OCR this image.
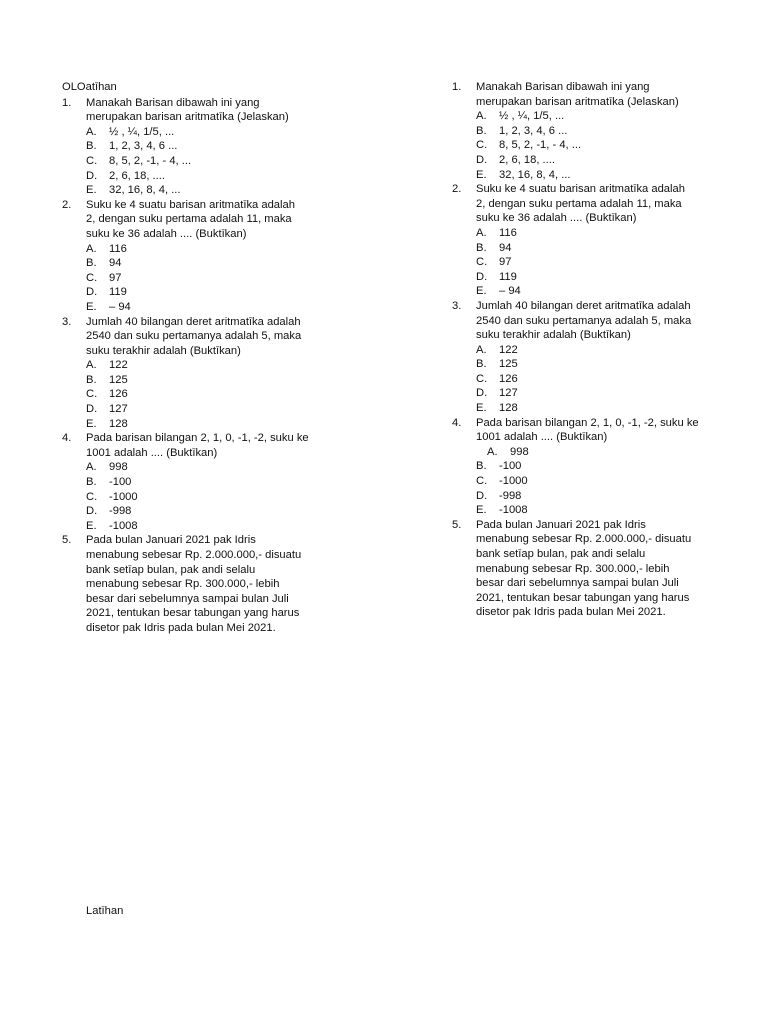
OLOatīhan
1.	Manakah Barisan dibawah ini yang
merupakan barisan aritmatīka (Jelaskan)
A.	½ , ¼, 1/5, ...
B.	1, 2, 3, 4, 6 ...
C.	8, 5, 2, -1, - 4, ...
D.	2, 6, 18, ....
E.	32, 16, 8, 4, ...
2.	Suku ke 4 suatu barisan aritmatīka adalah
2, dengan suku pertama adalah 11, maka
suku ke 36 adalah .... (Buktīkan)
A.	116
B.	94
C.	97
D.	119
E.	– 94
3.	Jumlah 40 bilangan deret aritmatīka adalah
2540 dan suku pertamanya adalah 5, maka
suku terakhir adalah (Buktīkan)
A.	122
B.	125
C.	126
D.	127
E.	128
4.	Pada barisan bilangan 2, 1, 0, -1, -2, suku ke
1001 adalah .... (Buktīkan)
A.	998
B.	-100
C.	-1000
D.	-998
E.	-1008
5.	Pada bulan Januari 2021 pak Idris
menabung sebesar Rp. 2.000.000,- disuatu
bank setīap bulan, pak andi selalu
menabung sebesar Rp. 300.000,- lebih
besar dari sebelumnya sampai bulan Juli
2021, tentukan besar tabungan yang harus
disetor pak Idris pada bulan Mei 2021.
1.	Manakah Barisan dibawah ini yang
merupakan barisan aritmatīka (Jelaskan)
A.	½ , ¼, 1/5, ...
B.	1, 2, 3, 4, 6 ...
C.	8, 5, 2, -1, - 4, ...
D.	2, 6, 18, ....
E.	32, 16, 8, 4, ...
2.	Suku ke 4 suatu barisan aritmatīka adalah
2, dengan suku pertama adalah 11, maka
suku ke 36 adalah .... (Buktīkan)
A.	116
B.	94
C.	97
D.	119
E.	– 94
3.	Jumlah 40 bilangan deret aritmatīka adalah
2540 dan suku pertamanya adalah 5, maka
suku terakhir adalah (Buktīkan)
A.	122
B.	125
C.	126
D.	127
E.	128
4.	Pada barisan bilangan 2, 1, 0, -1, -2, suku ke
1001 adalah .... (Buktīkan)
A.	998
B.	-100
C.	-1000
D.	-998
E.	-1008
5.	Pada bulan Januari 2021 pak Idris
menabung sebesar Rp. 2.000.000,- disuatu
bank setīap bulan, pak andi selalu
menabung sebesar Rp. 300.000,- lebih
besar dari sebelumnya sampai bulan Juli
2021, tentukan besar tabungan yang harus
disetor pak Idris pada bulan Mei 2021.
Latīhan
